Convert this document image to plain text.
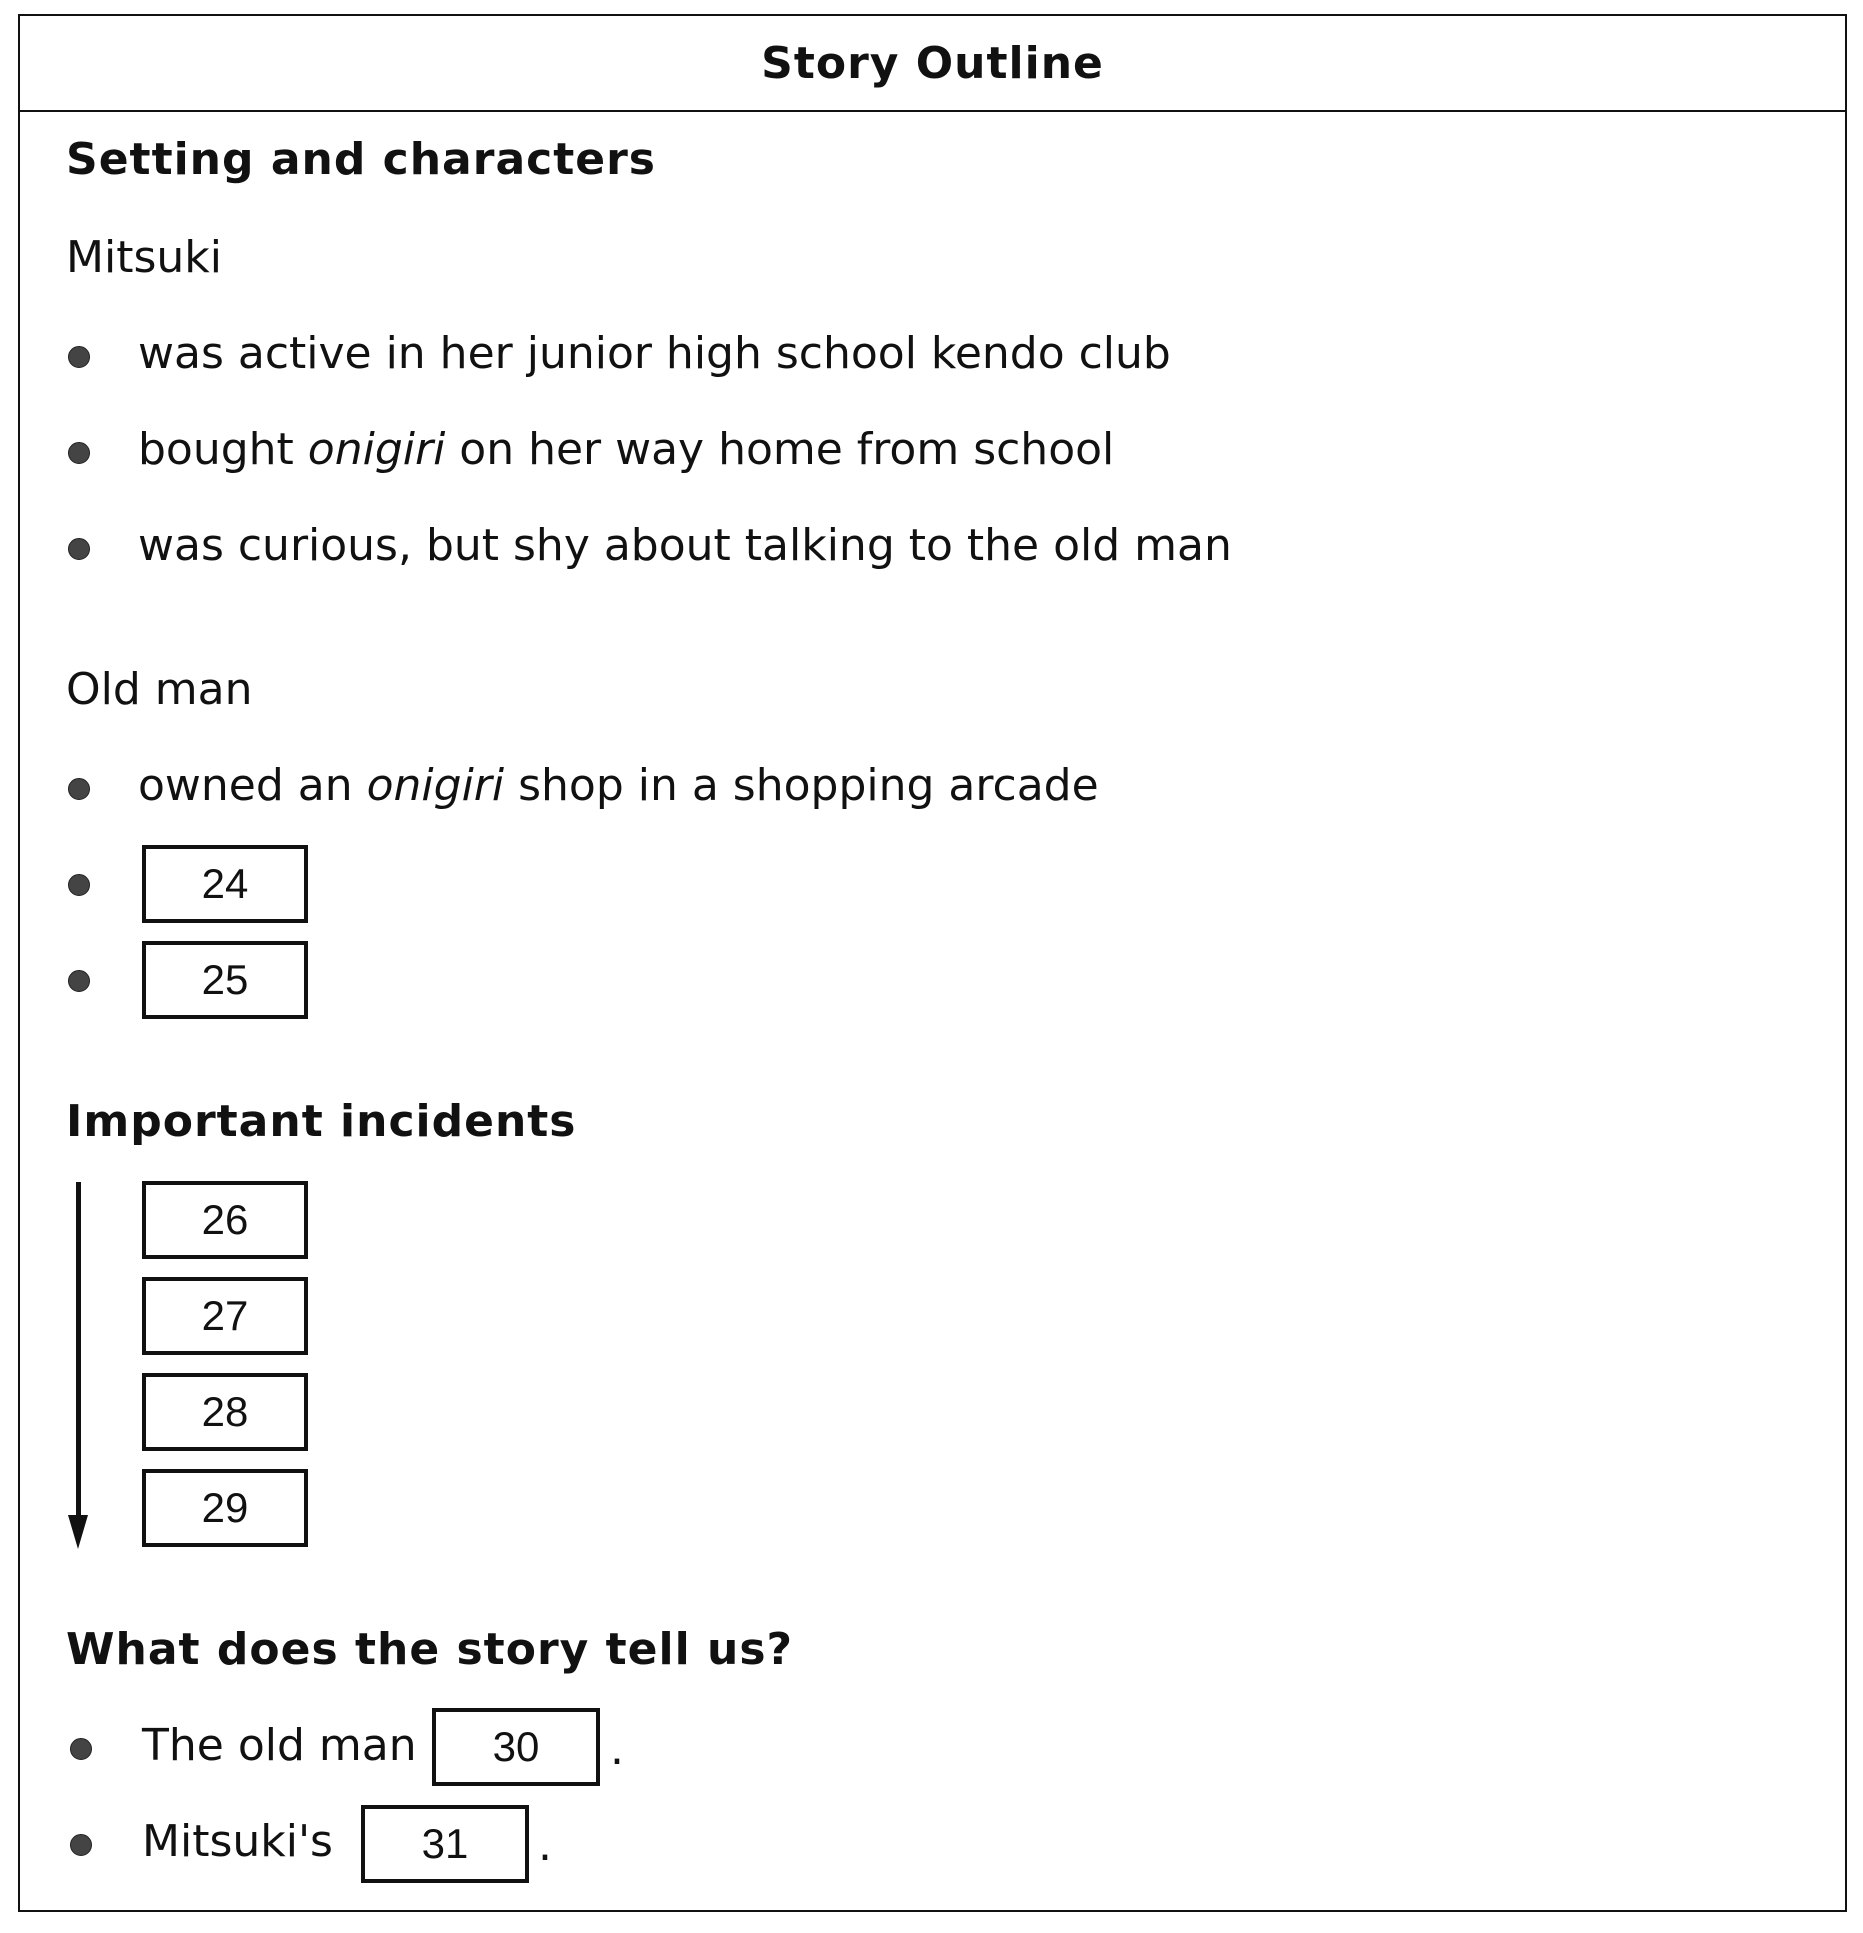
Story Outline
Setting and characters
Mitsuki
was active in her junior high school kendo club
bought onigiri on her way home from school
was curious, but shy about talking to the old man
Old man
owned an onigiri shop in a shopping arcade
24
25
Important incidents
26
27
28
29
What does the story tell us?
The old man	30	.
Mitsuki's	31	.
